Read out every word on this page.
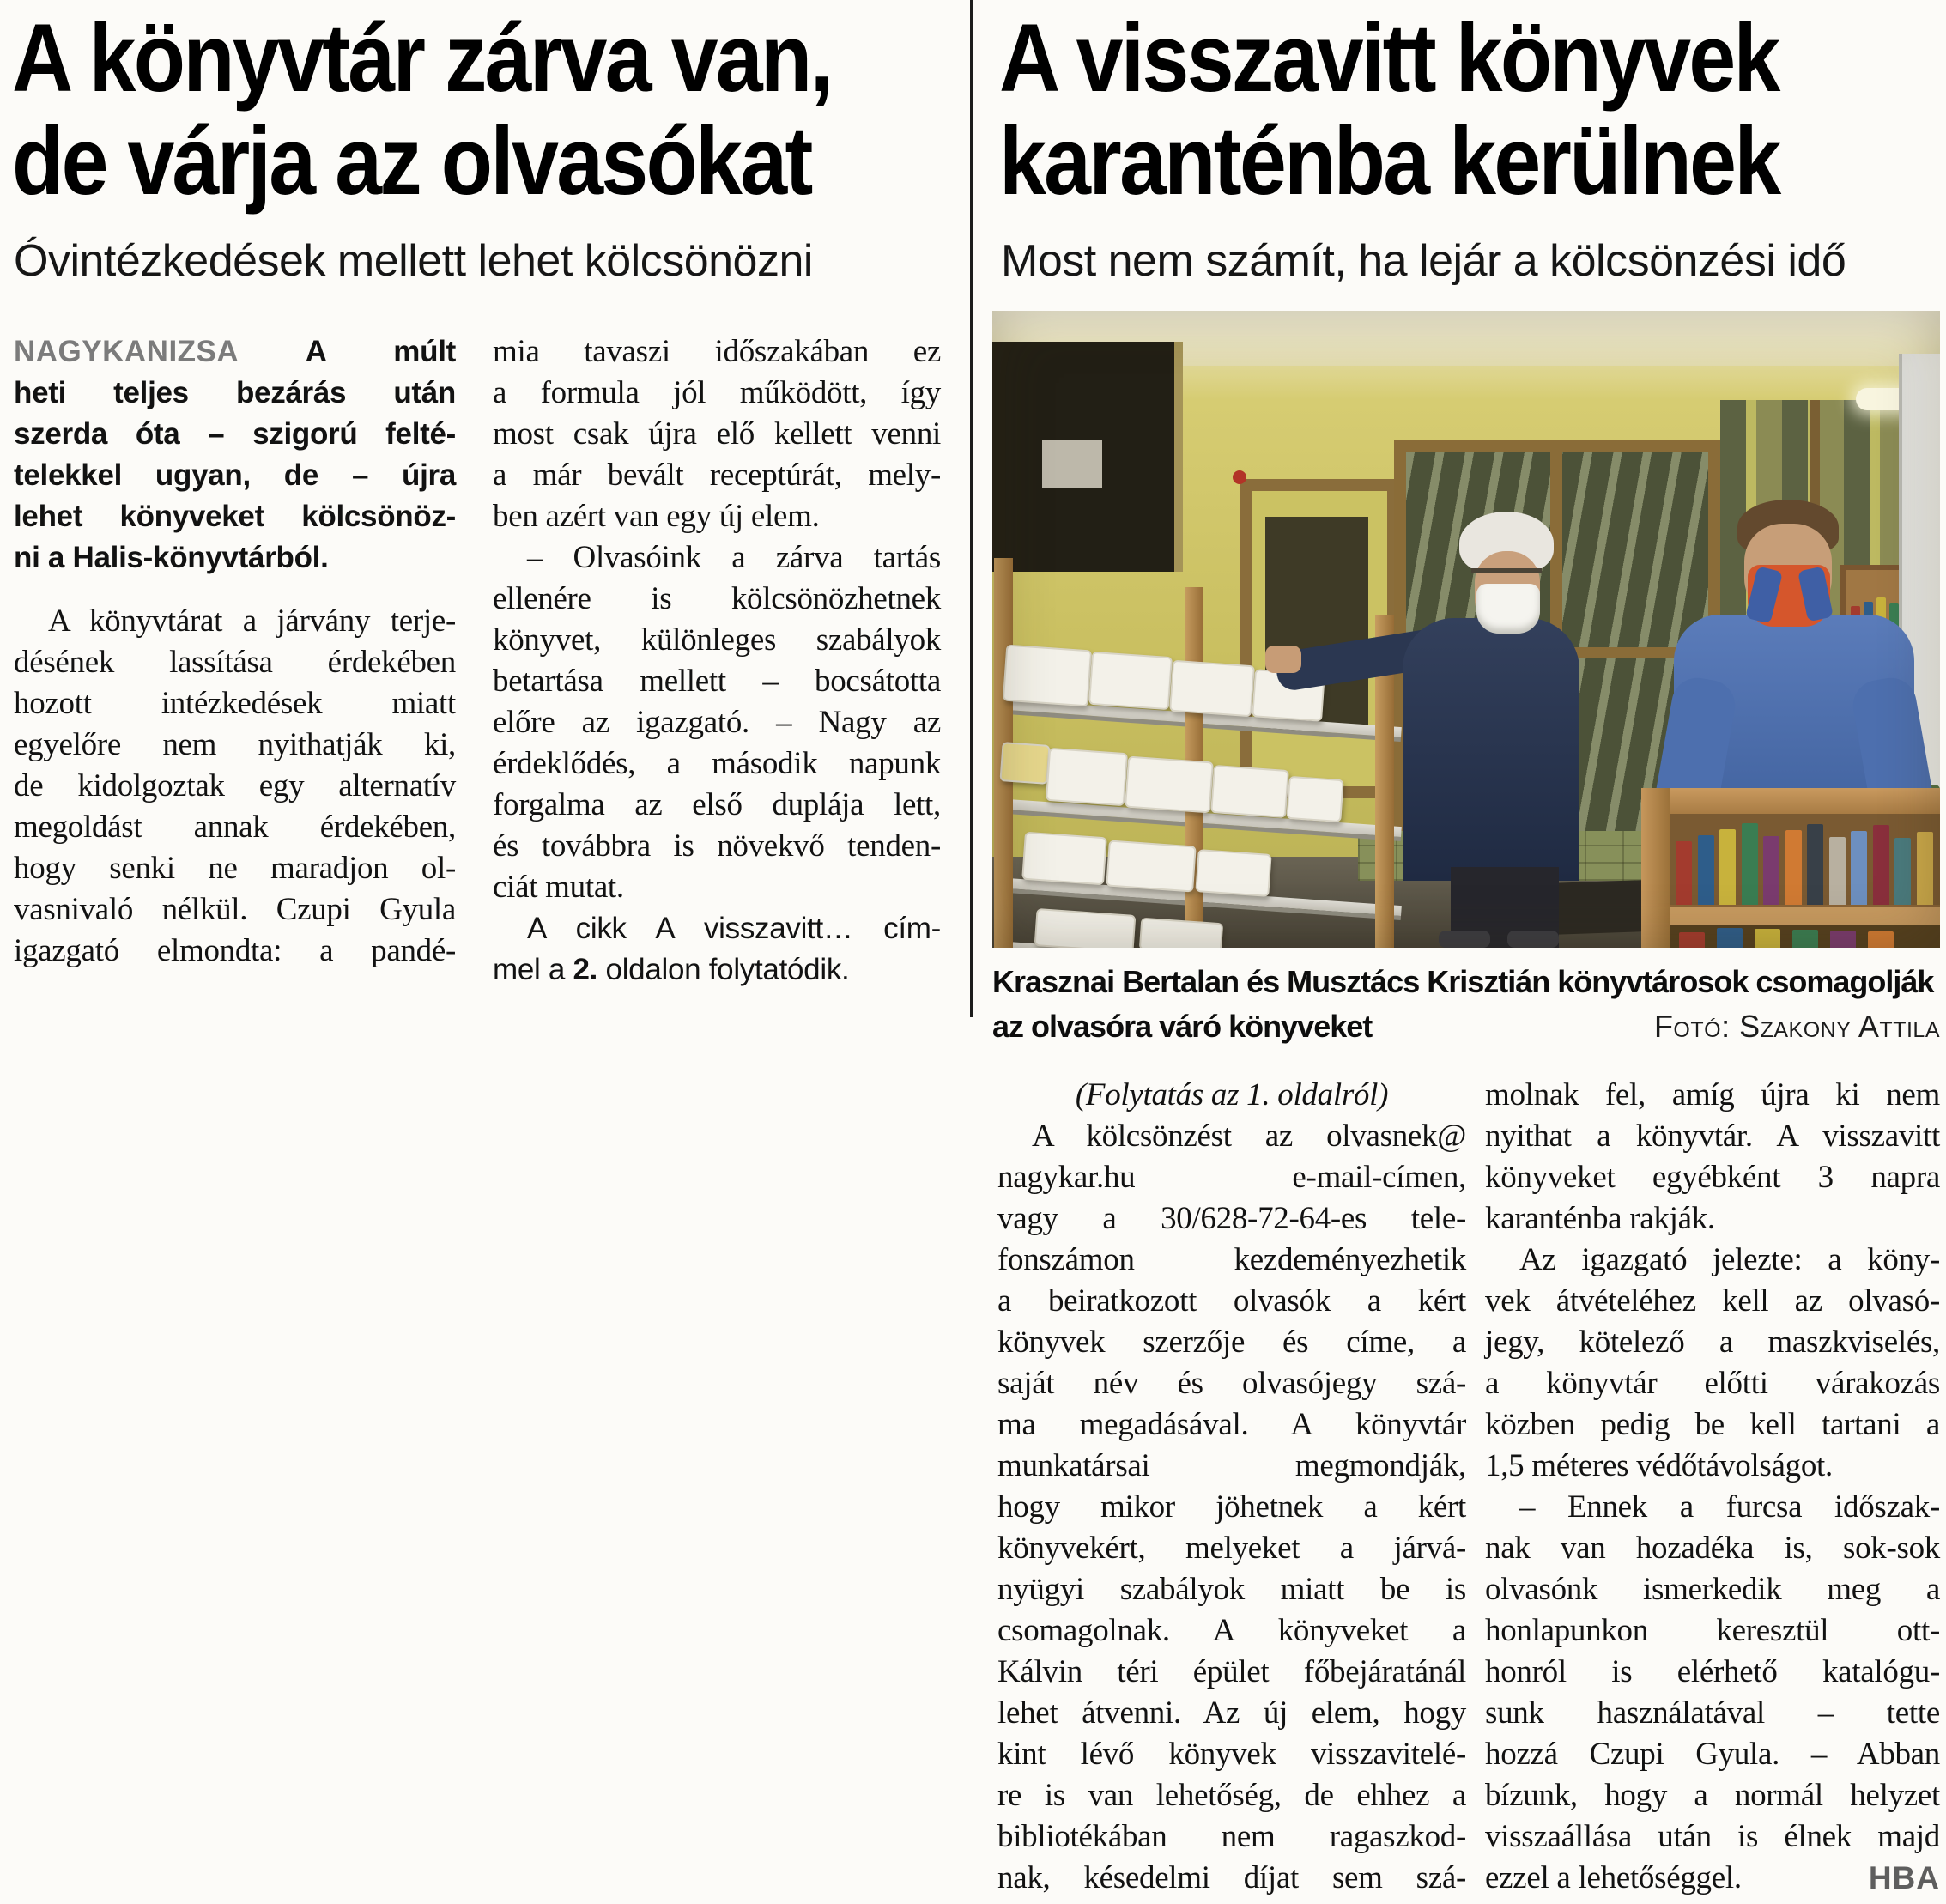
A könyvtár zárva van,
de várja az olvasókat
Óvintézkedések mellett lehet kölcsönözni
NAGYKANIZSA A múlt
heti teljes bezárás után
szerda óta – szigorú felté-
telekkel ugyan, de – újra
lehet könyveket kölcsönöz-
ni a Halis-könyvtárból.
A könyvtárat a járvány terje-
désének lassítása érdekében
hozott intézkedések miatt
egyelőre nem nyithatják ki,
de kidolgoztak egy alternatív
megoldást annak érdekében,
hogy senki ne maradjon ol-
vasnivaló nélkül. Czupi Gyula
igazgató elmondta: a pandé-
mia tavaszi időszakában ez
a formula jól működött, így
most csak újra elő kellett venni
a már bevált receptúrát, mely-
ben azért van egy új elem.
– Olvasóink a zárva tartás
ellenére is kölcsönözhetnek
könyvet, különleges szabályok
betartása mellett – bocsátotta
előre az igazgató. – Nagy az
érdeklődés, a második napunk
forgalma az első duplája lett,
és továbbra is növekvő tenden-
ciát mutat.
A cikk A visszavitt… cím-
mel a 2. oldalon folytatódik.
A visszavitt könyvek
karanténba kerülnek
Most nem számít, ha lejár a kölcsönzési idő
Krasznai Bertalan és Musztács Krisztián könyvtárosok csomagolják
az olvasóra váró könyveket	Fotó: Szakony Attila
(Folytatás az 1. oldalról)
A kölcsönzést az olvasnek@
nagykar.hu e-mail-címen,
vagy a 30/628-72-64-es tele-
fonszámon kezdeményezhetik
a beiratkozott olvasók a kért
könyvek szerzője és címe, a
saját név és olvasójegy szá-
ma megadásával. A könyvtár
munkatársai megmondják,
hogy mikor jöhetnek a kért
könyvekért, melyeket a járvá-
nyügyi szabályok miatt be is
csomagolnak. A könyveket a
Kálvin téri épület főbejáratánál
lehet átvenni. Az új elem, hogy
kint lévő könyvek visszavitelé-
re is van lehetőség, de ehhez a
bibliotékában nem ragaszkod-
nak, késedelmi díjat sem szá-
molnak fel, amíg újra ki nem
nyithat a könyvtár. A visszavitt
könyveket egyébként 3 napra
karanténba rakják.
Az igazgató jelezte: a köny-
vek átvételéhez kell az olvasó-
jegy, kötelező a maszkviselés,
a könyvtár előtti várakozás
közben pedig be kell tartani a
1,5 méteres védőtávolságot.
– Ennek a furcsa időszak-
nak van hozadéka is, sok-sok
olvasónk ismerkedik meg a
honlapunkon keresztül ott-
honról is elérhető katalógu-
sunk használatával – tette
hozzá Czupi Gyula. – Abban
bízunk, hogy a normál helyzet
visszaállása után is élnek majd
ezzel a lehetőséggel.	HBA
